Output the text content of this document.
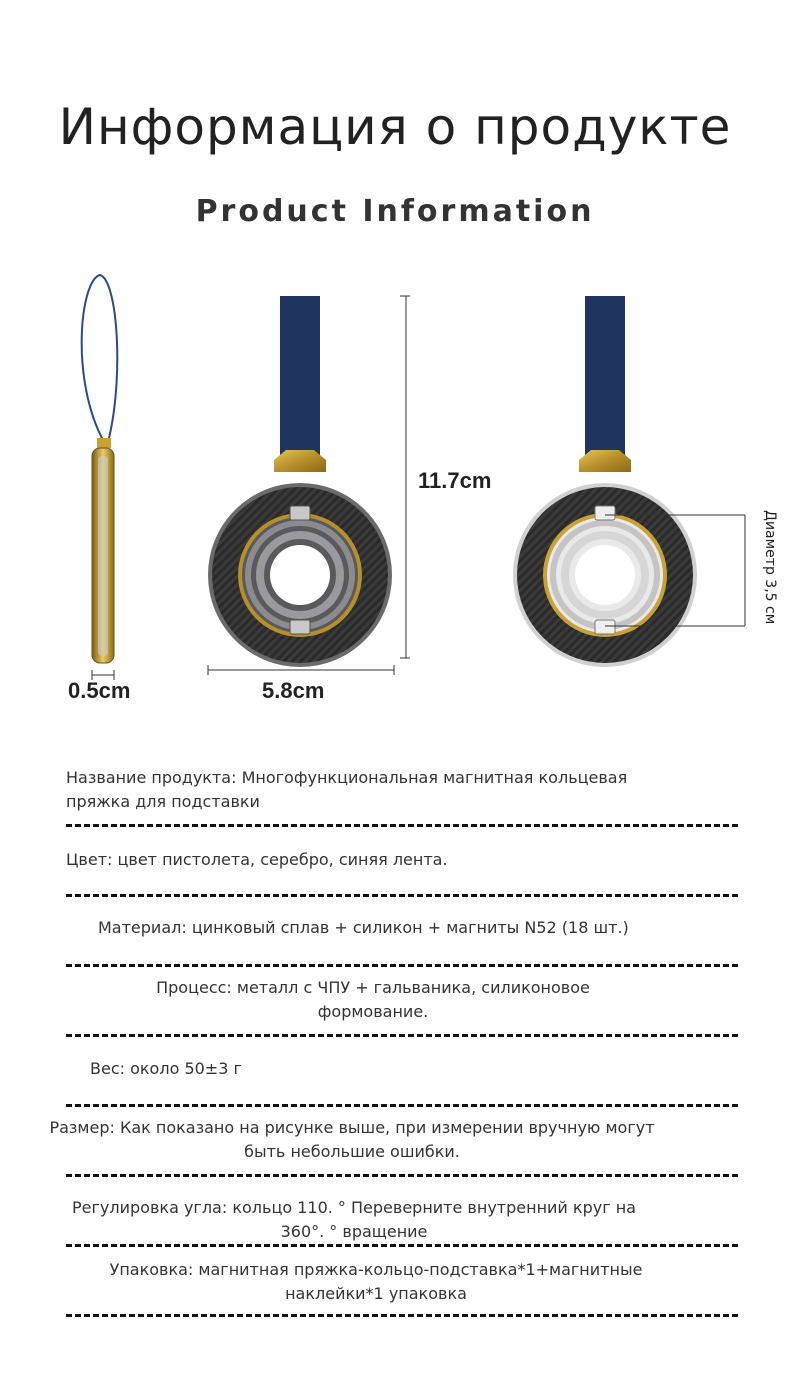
Информация о продукте
Product Information
0.5cm	5.8cm
11.7cm
Диаметр 3,5 см
Название продукта: Многофункциональная магнитная кольцевая
пряжка для подставки
Цвет: цвет пистолета, серебро, синяя лента.
Материал: цинковый сплав + силикон + магниты N52 (18 шт.)
Процесс: металл с ЧПУ + гальваника, силиконовое
формование.
Вес: около 50±3 г
Размер: Как показано на рисунке выше, при измерении вручную могут
быть небольшие ошибки.
Регулировка угла: кольцо 110. ° Переверните внутренний круг на
360°. ° вращение
Упаковка: магнитная пряжка-кольцо-подставка*1+магнитные
наклейки*1 упаковка
